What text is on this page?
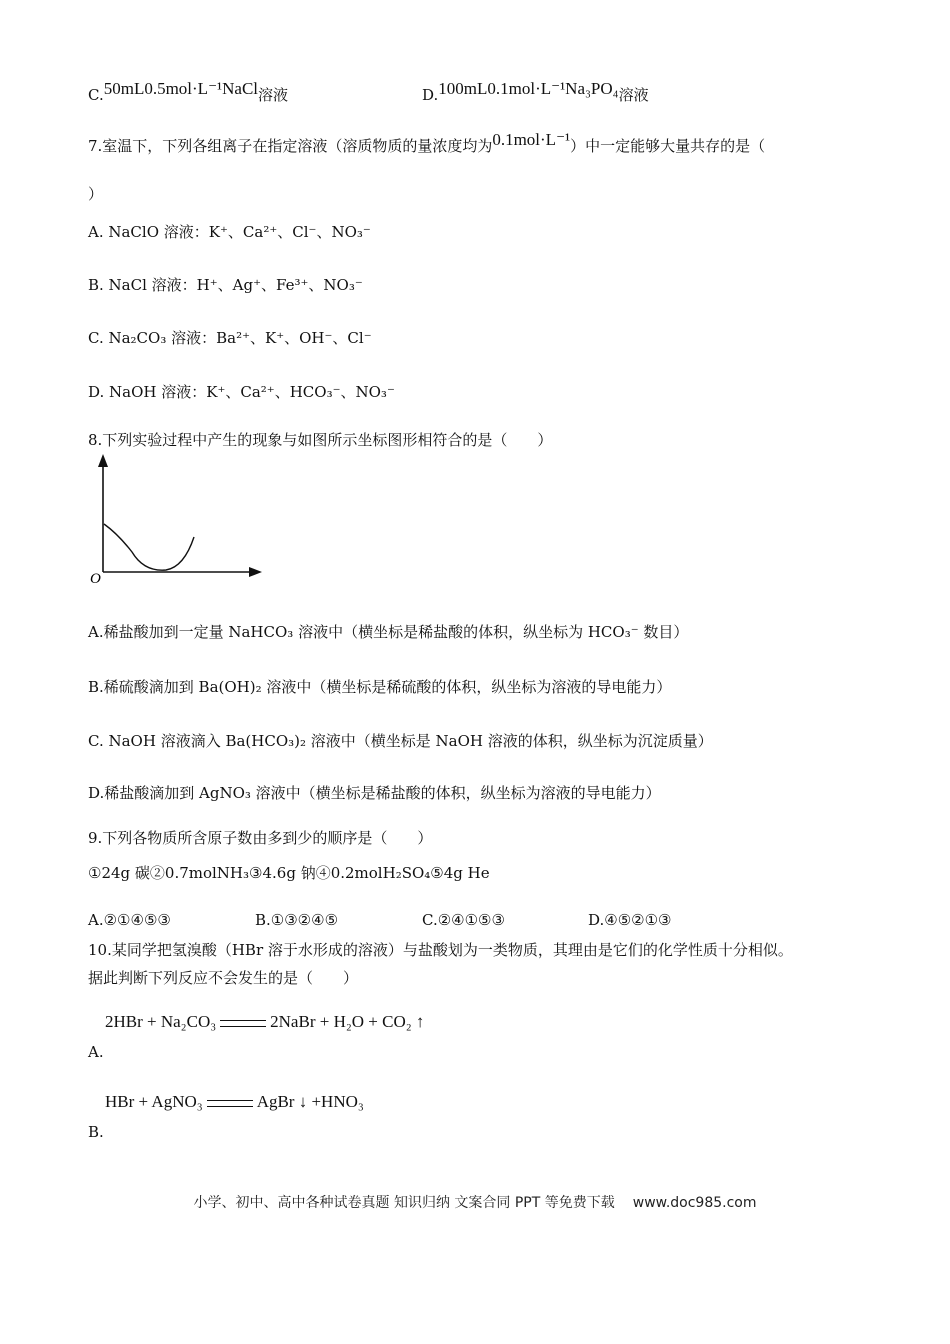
C.50mL0.5mol·L⁻¹NaCl溶液	D.100mL0.1mol·L⁻¹Na₃PO₄溶液
7.室温下，下列各组离子在指定溶液（溶质物质的量浓度均为0.1mol·L⁻¹）中一定能够大量共存的是（
）
A. NaClO 溶液：K⁺、Ca²⁺、Cl⁻、NO₃⁻
B. NaCl 溶液：H⁺、Ag⁺、Fe³⁺、NO₃⁻
C. Na₂CO₃ 溶液：Ba²⁺、K⁺、OH⁻、Cl⁻
D. NaOH 溶液：K⁺、Ca²⁺、HCO₃⁻、NO₃⁻
8.下列实验过程中产生的现象与如图所示坐标图形相符合的是（　　）
O
A.稀盐酸加到一定量 NaHCO₃ 溶液中（横坐标是稀盐酸的体积，纵坐标为 HCO₃⁻ 数目）
B.稀硫酸滴加到 Ba(OH)₂ 溶液中（横坐标是稀硫酸的体积，纵坐标为溶液的导电能力）
C. NaOH 溶液滴入 Ba(HCO₃)₂ 溶液中（横坐标是 NaOH 溶液的体积，纵坐标为沉淀质量）
D.稀盐酸滴加到 AgNO₃ 溶液中（横坐标是稀盐酸的体积，纵坐标为溶液的导电能力）
9.下列各物质所含原子数由多到少的顺序是（　　）
①24g 碳②0.7molNH₃③4.6g 钠④0.2molH₂SO₄⑤4g He
A.②①④⑤③	B.①③②④⑤	C.②④①⑤③	D.④⑤②①③
10.某同学把氢溴酸（HBr 溶于水形成的溶液）与盐酸划为一类物质，其理由是它们的化学性质十分相似。
据此判断下列反应不会发生的是（　　）
2HBr + Na₂CO₃	2NaBr + H₂O + CO₂ ↑
A.
HBr + AgNO₃	AgBr ↓ +HNO₃
B.
小学、初中、高中各种试卷真题 知识归纳 文案合同 PPT 等免费下载 www.doc985.com
